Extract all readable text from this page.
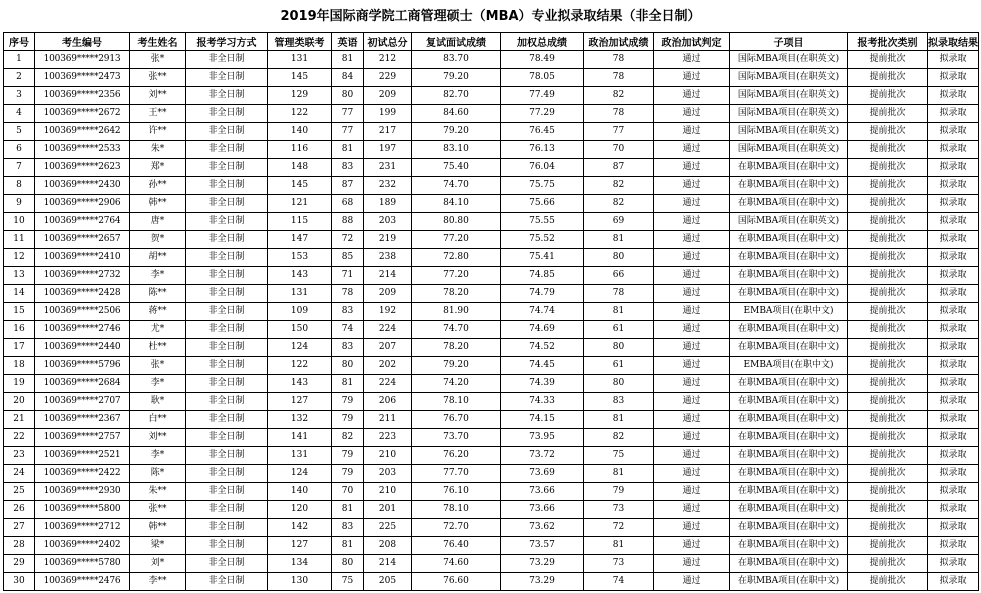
2019年国际商学院工商管理硕士（MBA）专业拟录取结果（非全日制）
序号	考生编号	考生姓名	报考学习方式	管理类联考	英语	初试总分	复试面试成绩	加权总成绩	政治加试成绩	政治加试判定	子项目	报考批次类别	拟录取结果
1	100369*****2913	张*	非全日制	131	81	212	83.70	78.49	78	通过	国际MBA项目(在职英文)	提前批次	拟录取
2	100369*****2473	张**	非全日制	145	84	229	79.20	78.05	78	通过	国际MBA项目(在职英文)	提前批次	拟录取
3	100369*****2356	刘**	非全日制	129	80	209	82.70	77.49	82	通过	国际MBA项目(在职英文)	提前批次	拟录取
4	100369*****2672	王**	非全日制	122	77	199	84.60	77.29	78	通过	国际MBA项目(在职英文)	提前批次	拟录取
5	100369*****2642	许**	非全日制	140	77	217	79.20	76.45	77	通过	国际MBA项目(在职英文)	提前批次	拟录取
6	100369*****2533	朱*	非全日制	116	81	197	83.10	76.13	70	通过	国际MBA项目(在职英文)	提前批次	拟录取
7	100369*****2623	郑*	非全日制	148	83	231	75.40	76.04	87	通过	在职MBA项目(在职中文)	提前批次	拟录取
8	100369*****2430	孙**	非全日制	145	87	232	74.70	75.75	82	通过	在职MBA项目(在职中文)	提前批次	拟录取
9	100369*****2906	韩**	非全日制	121	68	189	84.10	75.66	82	通过	在职MBA项目(在职中文)	提前批次	拟录取
10	100369*****2764	唐*	非全日制	115	88	203	80.80	75.55	69	通过	国际MBA项目(在职英文)	提前批次	拟录取
11	100369*****2657	贺*	非全日制	147	72	219	77.20	75.52	81	通过	在职MBA项目(在职中文)	提前批次	拟录取
12	100369*****2410	胡**	非全日制	153	85	238	72.80	75.41	80	通过	在职MBA项目(在职中文)	提前批次	拟录取
13	100369*****2732	李*	非全日制	143	71	214	77.20	74.85	66	通过	在职MBA项目(在职中文)	提前批次	拟录取
14	100369*****2428	陈**	非全日制	131	78	209	78.20	74.79	78	通过	在职MBA项目(在职中文)	提前批次	拟录取
15	100369*****2506	蒋**	非全日制	109	83	192	81.90	74.74	81	通过	EMBA项目(在职中文)	提前批次	拟录取
16	100369*****2746	尤*	非全日制	150	74	224	74.70	74.69	61	通过	在职MBA项目(在职中文)	提前批次	拟录取
17	100369*****2440	杜**	非全日制	124	83	207	78.20	74.52	80	通过	在职MBA项目(在职中文)	提前批次	拟录取
18	100369*****5796	张*	非全日制	122	80	202	79.20	74.45	61	通过	EMBA项目(在职中文)	提前批次	拟录取
19	100369*****2684	李*	非全日制	143	81	224	74.20	74.39	80	通过	在职MBA项目(在职中文)	提前批次	拟录取
20	100369*****2707	耿*	非全日制	127	79	206	78.10	74.33	83	通过	在职MBA项目(在职中文)	提前批次	拟录取
21	100369*****2367	白**	非全日制	132	79	211	76.70	74.15	81	通过	在职MBA项目(在职中文)	提前批次	拟录取
22	100369*****2757	刘**	非全日制	141	82	223	73.70	73.95	82	通过	在职MBA项目(在职中文)	提前批次	拟录取
23	100369*****2521	李*	非全日制	131	79	210	76.20	73.72	75	通过	在职MBA项目(在职中文)	提前批次	拟录取
24	100369*****2422	陈*	非全日制	124	79	203	77.70	73.69	81	通过	在职MBA项目(在职中文)	提前批次	拟录取
25	100369*****2930	朱**	非全日制	140	70	210	76.10	73.66	79	通过	在职MBA项目(在职中文)	提前批次	拟录取
26	100369*****5800	张**	非全日制	120	81	201	78.10	73.66	73	通过	在职MBA项目(在职中文)	提前批次	拟录取
27	100369*****2712	韩**	非全日制	142	83	225	72.70	73.62	72	通过	在职MBA项目(在职中文)	提前批次	拟录取
28	100369*****2402	梁*	非全日制	127	81	208	76.40	73.57	81	通过	在职MBA项目(在职中文)	提前批次	拟录取
29	100369*****5780	刘*	非全日制	134	80	214	74.60	73.29	73	通过	在职MBA项目(在职中文)	提前批次	拟录取
30	100369*****2476	李**	非全日制	130	75	205	76.60	73.29	74	通过	在职MBA项目(在职中文)	提前批次	拟录取
